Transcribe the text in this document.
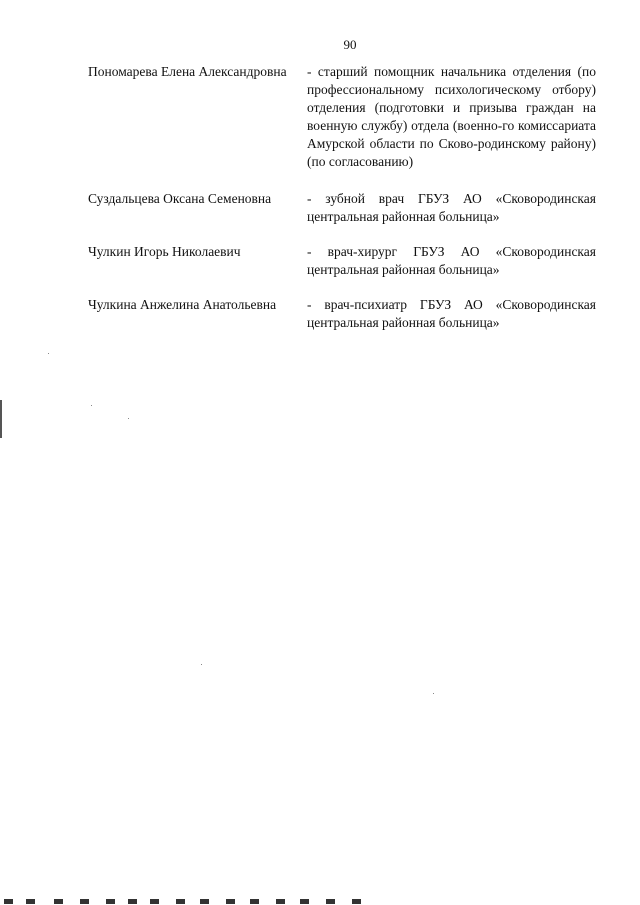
90
Пономарева Елена Александровна	- старший помощник начальника отделения (по профессиональному психологическому отбору) отделения (подготовки и призыва граждан на военную службу) отдела (военно-го комиссариата Амурской области по Сково-родинскому району) (по согласованию)
Суздальцева Оксана Семеновна	- зубной врач ГБУЗ АО «Сковородинская центральная районная больница»
Чулкин Игорь Николаевич	- врач-хирург ГБУЗ АО «Сковородинская центральная районная больница»
Чулкина Анжелина Анатольевна	- врач-психиатр ГБУЗ АО «Сковородинская центральная районная больница»
